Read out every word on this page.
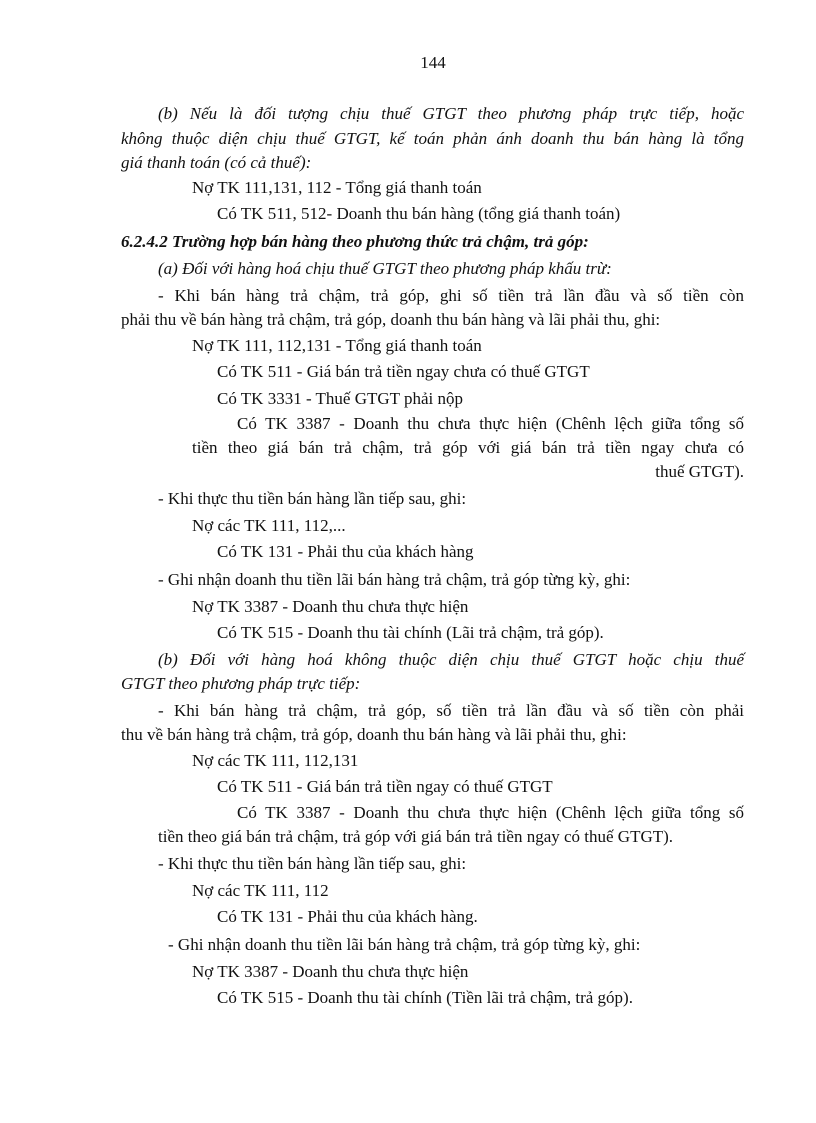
144
(b) Nếu là đối tượng chịu thuế GTGT theo phương pháp trực tiếp, hoặc
không thuộc diện chịu thuế GTGT, kế toán phản ánh doanh thu bán hàng là tổng
giá thanh toán (có cả thuế):
Nợ TK 111,131, 112 - Tổng giá thanh toán
Có TK 511, 512- Doanh thu bán hàng (tổng giá thanh toán)
6.2.4.2 Trường hợp bán hàng theo phương thức trả chậm, trả góp:
(a) Đối với hàng hoá chịu thuế GTGT theo phương pháp khấu trừ:
- Khi bán hàng trả chậm, trả góp, ghi số tiền trả lần đầu và số tiền còn
phải thu về bán hàng trả chậm, trả góp, doanh thu bán hàng và lãi phải thu, ghi:
Nợ TK 111, 112,131 - Tổng giá thanh toán
Có TK 511 - Giá bán trả tiền ngay chưa có thuế GTGT
Có TK 3331 - Thuế GTGT phải nộp
Có TK 3387 - Doanh thu chưa thực hiện (Chênh lệch giữa tổng số
tiền theo giá bán trả chậm, trả góp với giá bán trả tiền ngay chưa có
thuế GTGT).
- Khi thực thu tiền bán hàng lần tiếp sau, ghi:
Nợ các TK 111, 112,...
Có TK 131 - Phải thu của khách hàng
- Ghi nhận doanh thu tiền lãi bán hàng trả chậm, trả góp từng kỳ, ghi:
Nợ TK 3387 - Doanh thu chưa thực hiện
Có TK 515 - Doanh thu tài chính (Lãi trả chậm, trả góp).
(b) Đối với hàng hoá không thuộc diện chịu thuế GTGT hoặc chịu thuế
GTGT theo phương pháp trực tiếp:
- Khi bán hàng trả chậm, trả góp, số tiền trả lần đầu và số tiền còn phải
thu về bán hàng trả chậm, trả góp, doanh thu bán hàng và lãi phải thu, ghi:
Nợ các TK 111, 112,131
Có TK 511 - Giá bán trả tiền ngay có thuế GTGT
Có TK 3387 - Doanh thu chưa thực hiện (Chênh lệch giữa tổng số
tiền theo giá bán trả chậm, trả góp với giá bán trả tiền ngay có thuế GTGT).
- Khi thực thu tiền bán hàng lần tiếp sau, ghi:
Nợ các TK 111, 112
Có TK 131 - Phải thu của khách hàng.
- Ghi nhận doanh thu tiền lãi bán hàng trả chậm, trả góp từng kỳ, ghi:
Nợ TK 3387 - Doanh thu chưa thực hiện
Có TK 515 - Doanh thu tài chính (Tiền lãi trả chậm, trả góp).
